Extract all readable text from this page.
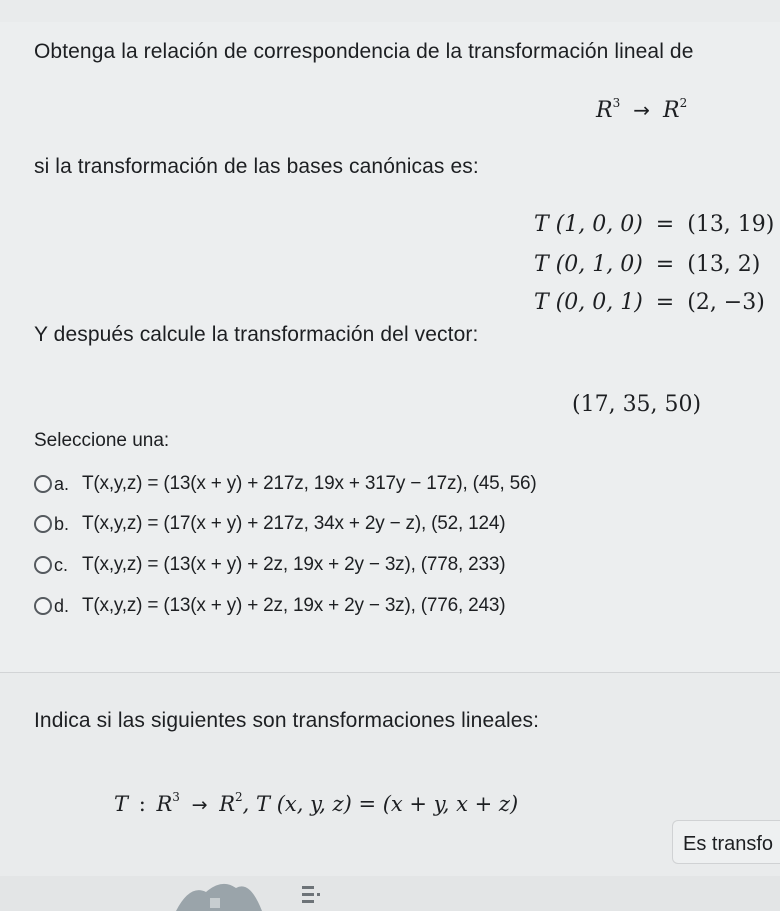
Obtenga la relación de correspondencia de la transformación lineal de
$R^3 \to R^2$
si la transformación de las bases canónicas es:
T (1, 0, 0) = (13, 19)
T (0, 1, 0) = (13, 2)
T (0, 0, 1) = (2, −3)
Y después calcule la transformación del vector:
(17, 35, 50)
Seleccione una:
a. T(x,y,z) = (13(x + y) + 217z, 19x + 317y − 17z), (45, 56)
b. T(x,y,z) = (17(x + y) + 217z, 34x + 2y − z), (52, 124)
c. T(x,y,z) = (13(x + y) + 2z, 19x + 2y − 3z), (778, 233)
d. T(x,y,z) = (13(x + y) + 2z, 19x + 2y − 3z), (776, 243)
Indica si las siguientes son transformaciones lineales:
T : $R^3 \to R^2$, T (x, y, z) = (x + y, x + z)
Es transfo
